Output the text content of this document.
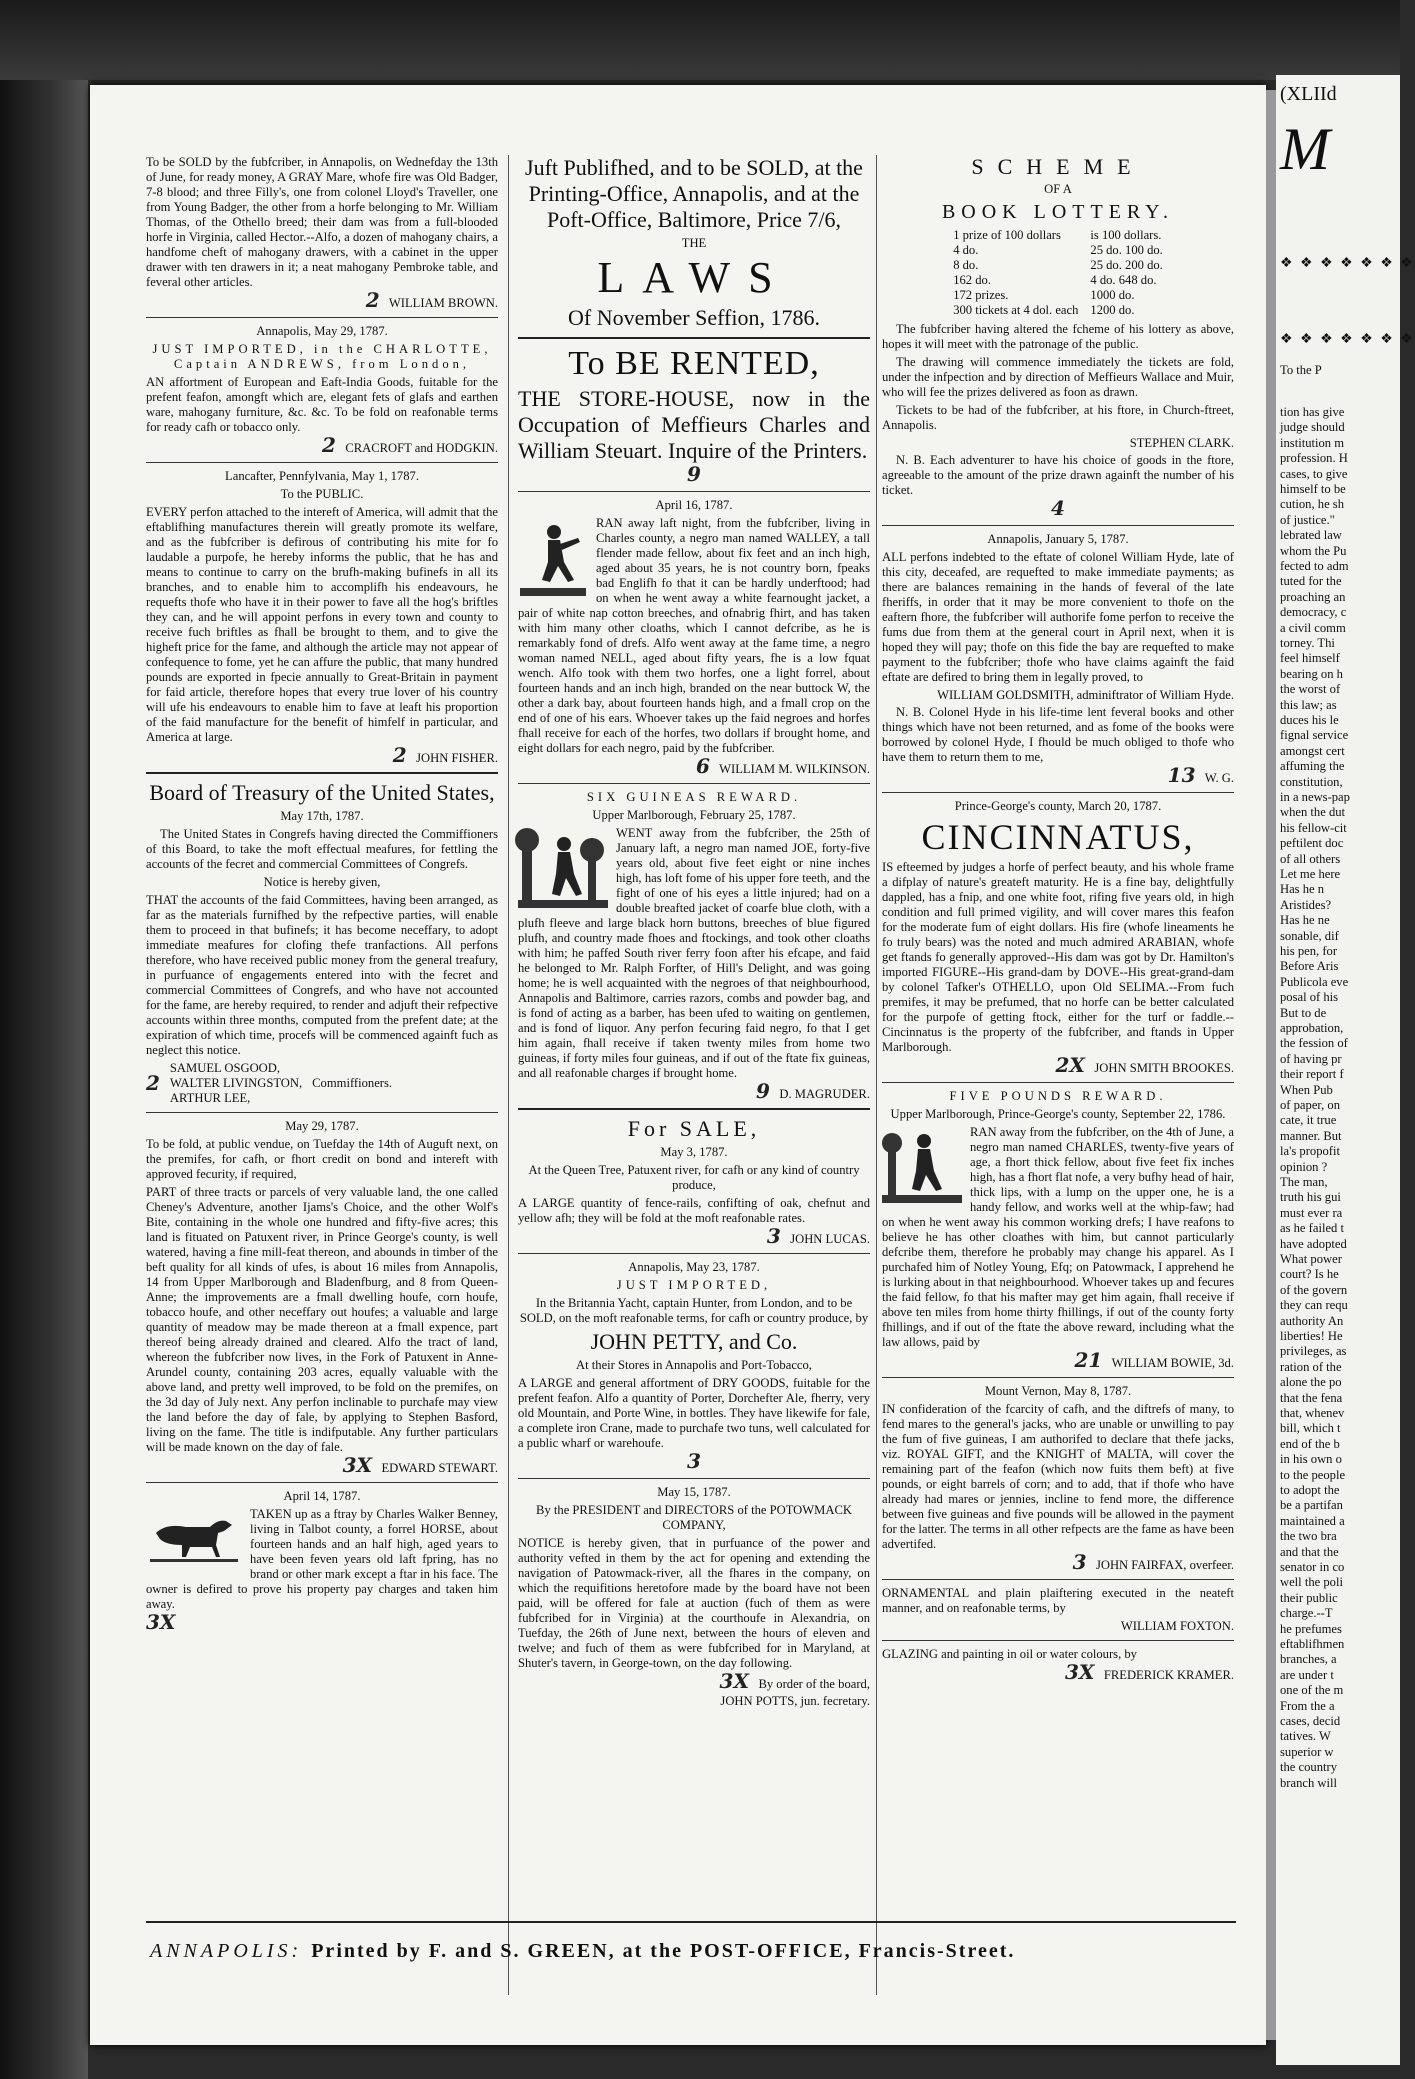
To be SOLD by the fubfcriber, in Annapolis, on Wednefday the 13th of June, for ready money, A GRAY Mare, whofe fire was Old Badger, 7-8 blood; and three Filly's, one from colonel Lloyd's Traveller, one from Young Badger, the other from a horfe belonging to Mr. William Thomas, of the Othello breed; their dam was from a full-blooded horfe in Virginia, called Hector.--Alfo, a dozen of mahogany chairs, a handfome cheft of mahogany drawers, with a cabinet in the upper drawer with ten drawers in it; a neat mahogany Pembroke table, and feveral other articles.

2 WILLIAM BROWN.

Annapolis, May 29, 1787.

JUST IMPORTED, in the CHARLOTTE, Captain ANDREWS, from London,

AN affortment of European and Eaft-India Goods, fuitable for the prefent feafon, amongft which are, elegant fets of glafs and earthen ware, mahogany furniture, &c. &c. To be fold on reafonable terms for ready cafh or tobacco only.

2 CRACROFT and HODGKIN.

Lancafter, Pennfylvania, May 1, 1787.

To the PUBLIC.

EVERY perfon attached to the intereft of America, will admit that the eftablifhing manufactures therein will greatly promote its welfare, and as the fubfcriber is defirous of contributing his mite for fo laudable a purpofe, he hereby informs the public, that he has and means to continue to carry on the brufh-making bufinefs in all its branches, and to enable him to accomplifh his endeavours, he requefts thofe who have it in their power to fave all the hog's briftles they can, and he will appoint perfons in every town and county to receive fuch briftles as fhall be brought to them, and to give the higheft price for the fame, and although the article may not appear of confequence to fome, yet he can affure the public, that many hundred pounds are exported in fpecie annually to Great-Britain in payment for faid article, therefore hopes that every true lover of his country will ufe his endeavours to enable him to fave at leaft his proportion of the faid manufacture for the benefit of himfelf in particular, and America at large.

2 JOHN FISHER.

Board of Treasury of the United States,

May 17th, 1787.

The United States in Congrefs having directed the Commiffioners of this Board, to take the moft effectual meafures, for fettling the accounts of the fecret and commercial Committees of Congrefs.

Notice is hereby given,

THAT the accounts of the faid Committees, having been arranged, as far as the materials furnifhed by the refpective parties, will enable them to proceed in that bufinefs; it has become neceffary, to adopt immediate meafures for clofing thefe tranfactions. All perfons therefore, who have received public money from the general treafury, in purfuance of engagements entered into with the fecret and commercial Committees of Congrefs, and who have not accounted for the fame, are hereby required, to render and adjuft their refpective accounts within three months, computed from the prefent date; at the expiration of which time, procefs will be commenced againft fuch as neglect this notice.

2
SAMUEL OSGOOD,
WALTER LIVINGSTON,
ARTHUR LEE,
Commiffioners.

May 29, 1787.

To be fold, at public vendue, on Tuefday the 14th of Auguft next, on the premifes, for cafh, or fhort credit on bond and intereft with approved fecurity, if required,

PART of three tracts or parcels of very valuable land, the one called Cheney's Adventure, another Ijams's Choice, and the other Wolf's Bite, containing in the whole one hundred and fifty-five acres; this land is fituated on Patuxent river, in Prince George's county, is well watered, having a fine mill-feat thereon, and abounds in timber of the beft quality for all kinds of ufes, is about 16 miles from Annapolis, 14 from Upper Marlborough and Bladenfburg, and 8 from Queen-Anne; the improvements are a fmall dwelling houfe, corn houfe, tobacco houfe, and other neceffary out houfes; a valuable and large quantity of meadow may be made thereon at a fmall expence, part thereof being already drained and cleared. Alfo the tract of land, whereon the fubfcriber now lives, in the Fork of Patuxent in Anne-Arundel county, containing 203 acres, equally valuable with the above land, and pretty well improved, to be fold on the premifes, on the 3d day of July next. Any perfon inclinable to purchafe may view the land before the day of fale, by applying to Stephen Basford, living on the fame. The title is indifputable. Any further particulars will be made known on the day of fale.

3X EDWARD STEWART.

April 14, 1787.

TAKEN up as a ftray by Charles Walker Benney, living in Talbot county, a forrel HORSE, about fourteen hands and an half high, aged years to have been feven years old laft fpring, has no brand or other mark except a ftar in his face. The owner is defired to prove his property pay charges and taken him away.

3X

Juft Publifhed, and to be SOLD, at the Printing-Office, Annapolis, and at the Poft-Office, Baltimore, Price 7/6,

THE

LAWS

Of November Seffion, 1786.

To BE RENTED,

THE STORE-HOUSE, now in the Occupation of Meffieurs Charles and William Steuart. Inquire of the Printers.

9

April 16, 1787.

RAN away laft night, from the fubfcriber, living in Charles county, a negro man named WALLEY, a tall flender made fellow, about fix feet and an inch high, aged about 35 years, he is not country born, fpeaks bad Englifh fo that it can be hardly underftood; had on when he went away a white fearnought jacket, a pair of white nap cotton breeches, and ofnabrig fhirt, and has taken with him many other cloaths, which I cannot defcribe, as he is remarkably fond of drefs. Alfo went away at the fame time, a negro woman named NELL, aged about fifty years, fhe is a low fquat wench. Alfo took with them two horfes, one a light forrel, about fourteen hands and an inch high, branded on the near buttock W, the other a dark bay, about fourteen hands high, and a fmall crop on the end of one of his ears. Whoever takes up the faid negroes and horfes fhall receive for each of the horfes, two dollars if brought home, and eight dollars for each negro, paid by the fubfcriber.

6 WILLIAM M. WILKINSON.

SIX GUINEAS REWARD.

Upper Marlborough, February 25, 1787.

WENT away from the fubfcriber, the 25th of January laft, a negro man named JOE, forty-five years old, about five feet eight or nine inches high, has loft fome of his upper fore teeth, and the fight of one of his eyes a little injured; had on a double breafted jacket of coarfe blue cloth, with a plufh fleeve and large black horn buttons, breeches of blue figured plufh, and country made fhoes and ftockings, and took other cloaths with him; he paffed South river ferry foon after his efcape, and faid he belonged to Mr. Ralph Forfter, of Hill's Delight, and was going home; he is well acquainted with the negroes of that neighbourhood, Annapolis and Baltimore, carries razors, combs and powder bag, and is fond of acting as a barber, has been ufed to waiting on gentlemen, and is fond of liquor. Any perfon fecuring faid negro, fo that I get him again, fhall receive if taken twenty miles from home two guineas, if forty miles four guineas, and if out of the ftate fix guineas, and all reafonable charges if brought home.

9 D. MAGRUDER.

For SALE,

May 3, 1787.

At the Queen Tree, Patuxent river, for cafh or any kind of country produce,

A LARGE quantity of fence-rails, confifting of oak, chefnut and yellow afh; they will be fold at the moft reafonable rates.

3 JOHN LUCAS.

Annapolis, May 23, 1787.

JUST IMPORTED,

In the Britannia Yacht, captain Hunter, from London, and to be SOLD, on the moft reafonable terms, for cafh or country produce, by

JOHN PETTY, and Co.

At their Stores in Annapolis and Port-Tobacco,

A LARGE and general affortment of DRY GOODS, fuitable for the prefent feafon. Alfo a quantity of Porter, Dorchefter Ale, fherry, very old Mountain, and Porte Wine, in bottles. They have likewife for fale, a complete iron Crane, made to purchafe two tuns, well calculated for a public wharf or warehoufe.

3

May 15, 1787.

By the PRESIDENT and DIRECTORS of the POTOWMACK COMPANY,

NOTICE is hereby given, that in purfuance of the power and authority vefted in them by the act for opening and extending the navigation of Patowmack-river, all the fhares in the company, on which the requifitions heretofore made by the board have not been paid, will be offered for fale at auction (fuch of them as were fubfcribed for in Virginia) at the courthoufe in Alexandria, on Tuefday, the 26th of June next, between the hours of eleven and twelve; and fuch of them as were fubfcribed for in Maryland, at Shuter's tavern, in George-town, on the day following.

3X By order of the board,
JOHN POTTS, jun. fecretary.

SCHEME

OF A

BOOK LOTTERY.

1 prize of 100 dollars	is 100 dollars.
4 do.	25 do. 100 do.
8 do.	25 do. 200 do.
162 do.	4 do. 648 do.
172 prizes.	1000 do.
300 tickets at 4 dol. each	1200 do.

The fubfcriber having altered the fcheme of his lottery as above, hopes it will meet with the patronage of the public.

The drawing will commence immediately the tickets are fold, under the infpection and by direction of Meffieurs Wallace and Muir, who will fee the prizes delivered as foon as drawn.

Tickets to be had of the fubfcriber, at his ftore, in Church-ftreet, Annapolis.

STEPHEN CLARK.

N. B. Each adventurer to have his choice of goods in the ftore, agreeable to the amount of the prize drawn againft the number of his ticket.

4

Annapolis, January 5, 1787.

ALL perfons indebted to the eftate of colonel William Hyde, late of this city, deceafed, are requefted to make immediate payments; as there are balances remaining in the hands of feveral of the late fheriffs, in order that it may be more convenient to thofe on the eaftern fhore, the fubfcriber will authorife fome perfon to receive the fums due from them at the general court in April next, when it is hoped they will pay; thofe on this fide the bay are requefted to make payment to the fubfcriber; thofe who have claims againft the faid eftate are defired to bring them in legally proved, to

WILLIAM GOLDSMITH, adminiftrator of William Hyde.

N. B. Colonel Hyde in his life-time lent feveral books and other things which have not been returned, and as fome of the books were borrowed by colonel Hyde, I fhould be much obliged to thofe who have them to return them to me,

13 W. G.

Prince-George's county, March 20, 1787.

CINCINNATUS,

IS efteemed by judges a horfe of perfect beauty, and his whole frame a difplay of nature's greateft maturity. He is a fine bay, delightfully dappled, has a fnip, and one white foot, rifing five years old, in high condition and full primed vigility, and will cover mares this feafon for the moderate fum of eight dollars. His fire (whofe lineaments he fo truly bears) was the noted and much admired ARABIAN, whofe get ftands fo generally approved--His dam was got by Dr. Hamilton's imported FIGURE--His grand-dam by DOVE--His great-grand-dam by colonel Tafker's OTHELLO, upon Old SELIMA.--From fuch premifes, it may be prefumed, that no horfe can be better calculated for the purpofe of getting ftock, either for the turf or faddle.--Cincinnatus is the property of the fubfcriber, and ftands in Upper Marlborough.

2X JOHN SMITH BROOKES.

FIVE POUNDS REWARD.

Upper Marlborough, Prince-George's county, September 22, 1786.

RAN away from the fubfcriber, on the 4th of June, a negro man named CHARLES, twenty-five years of age, a fhort thick fellow, about five feet fix inches high, has a fhort flat nofe, a very bufhy head of hair, thick lips, with a lump on the upper one, he is a handy fellow, and works well at the whip-faw; had on when he went away his common working drefs; I have reafons to believe he has other cloathes with him, but cannot particularly defcribe them, therefore he probably may change his apparel. As I purchafed him of Notley Young, Efq; on Patowmack, I apprehend he is lurking about in that neighbourhood. Whoever takes up and fecures the faid fellow, fo that his mafter may get him again, fhall receive if above ten miles from home thirty fhillings, if out of the county forty fhillings, and if out of the ftate the above reward, including what the law allows, paid by

21 WILLIAM BOWIE, 3d.

Mount Vernon, May 8, 1787.

IN confideration of the fcarcity of cafh, and the diftrefs of many, to fend mares to the general's jacks, who are unable or unwilling to pay the fum of five guineas, I am authorifed to declare that thefe jacks, viz. ROYAL GIFT, and the KNIGHT of MALTA, will cover the remaining part of the feafon (which now fuits them beft) at five pounds, or eight barrels of corn; and to add, that if thofe who have already had mares or jennies, incline to fend more, the difference between five guineas and five pounds will be allowed in the payment for the latter. The terms in all other refpects are the fame as have been advertifed.

3 JOHN FAIRFAX, overfeer.

ORNAMENTAL and plain plaiftering executed in the neateft manner, and on reafonable terms, by

WILLIAM FOXTON.

GLAZING and painting in oil or water colours, by

3X FREDERICK KRAMER.
ANNAPOLIS: Printed by F. and S. GREEN, at the POST-OFFICE, Francis-Street.
(XLIId
M
❖ ❖ ❖ ❖ ❖ ❖ ❖
❖ ❖ ❖ ❖ ❖ ❖ ❖
To the P
tion has give
judge should
institution m
profession. H
cases, to give
himself to be
cution, he sh
of justice."
lebrated law
whom the Pu
fected to adm
tuted for the
proaching an
democracy, c
a civil comm
torney. Thi
feel himself
bearing on h
the worst of
this law; as
duces his le
fignal service
amongst cert
affuming the
constitution,
in a news-pap
when the dut
his fellow-cit
peftilent doc
of all others
Let me here
Has he n
Aristides?
Has he ne
sonable, dif
his pen, for
Before Aris
Publicola eve
posal of his
But to de
approbation,
the fession of
of having pr
their report f
When Pub
of paper, on
cate, it true
manner. But
la's propofit
opinion ?
The man,
truth his gui
must ever ra
as he failed t
have adopted
What power
court? Is he
of the govern
they can requ
authority An
liberties! He
privileges, as
ration of the
alone the po
that the fena
that, whenev
bill, which t
end of the b
in his own o
to the people
to adopt the
be a partifan
maintained a
the two bra
and that the
senator in co
well the poli
their public
charge.--T
he prefumes
eftablifhmen
branches, a
are under t
one of the m
From the a
cases, decid
tatives. W
superior w
the country
branch will
